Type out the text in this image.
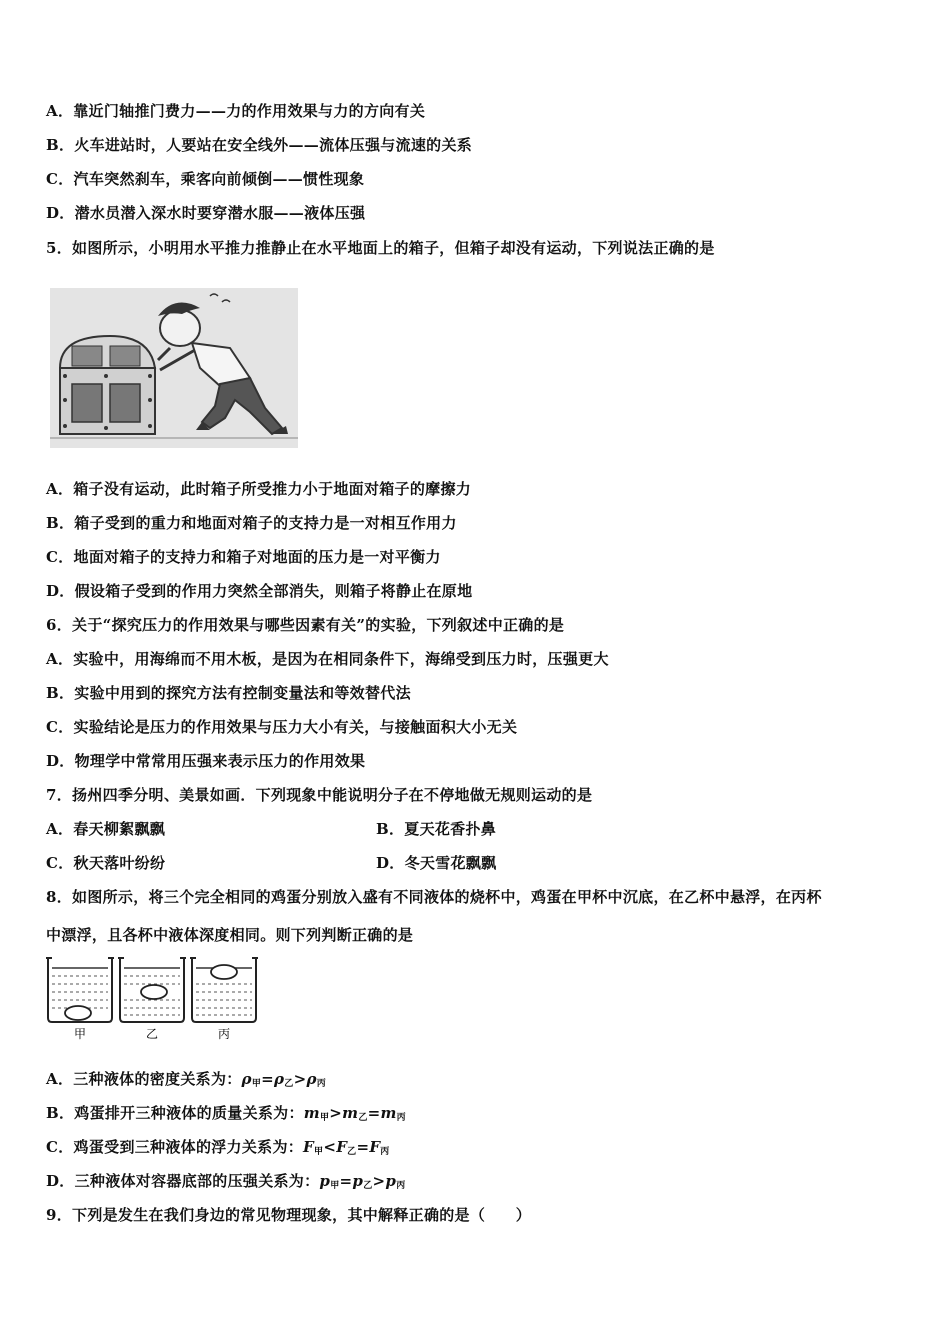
A．靠近门轴推门费力——力的作用效果与力的方向有关
B．火车进站时，人要站在安全线外——流体压强与流速的关系
C．汽车突然刹车，乘客向前倾倒——惯性现象
D．潜水员潜入深水时要穿潜水服——液体压强
5．如图所示，小明用水平推力推静止在水平地面上的箱子，但箱子却没有运动，下列说法正确的是
A．箱子没有运动，此时箱子所受推力小于地面对箱子的摩擦力
B．箱子受到的重力和地面对箱子的支持力是一对相互作用力
C．地面对箱子的支持力和箱子对地面的压力是一对平衡力
D．假设箱子受到的作用力突然全部消失，则箱子将静止在原地
6．关于“探究压力的作用效果与哪些因素有关”的实验，下列叙述中正确的是
A．实验中，用海绵而不用木板，是因为在相同条件下，海绵受到压力时，压强更大
B．实验中用到的探究方法有控制变量法和等效替代法
C．实验结论是压力的作用效果与压力大小有关，与接触面积大小无关
D．物理学中常常用压强来表示压力的作用效果
7．扬州四季分明、美景如画．下列现象中能说明分子在不停地做无规则运动的是
A．春天柳絮飘飘	B．夏天花香扑鼻
C．秋天落叶纷纷	D．冬天雪花飘飘
8．如图所示，将三个完全相同的鸡蛋分别放入盛有不同液体的烧杯中，鸡蛋在甲杯中沉底，在乙杯中悬浮，在丙杯
中漂浮，且各杯中液体深度相同。则下列判断正确的是
甲	乙	丙
A．三种液体的密度关系为：$\rho_甲=\rho_乙>\rho_丙$
B．鸡蛋排开三种液体的质量关系为：$m_甲>m_乙=m_丙$
C．鸡蛋受到三种液体的浮力关系为：$F_甲<F_乙=F_丙$
D．三种液体对容器底部的压强关系为：$p_甲=p_乙>p_丙$
9．下列是发生在我们身边的常见物理现象，其中解释正确的是（　　）
